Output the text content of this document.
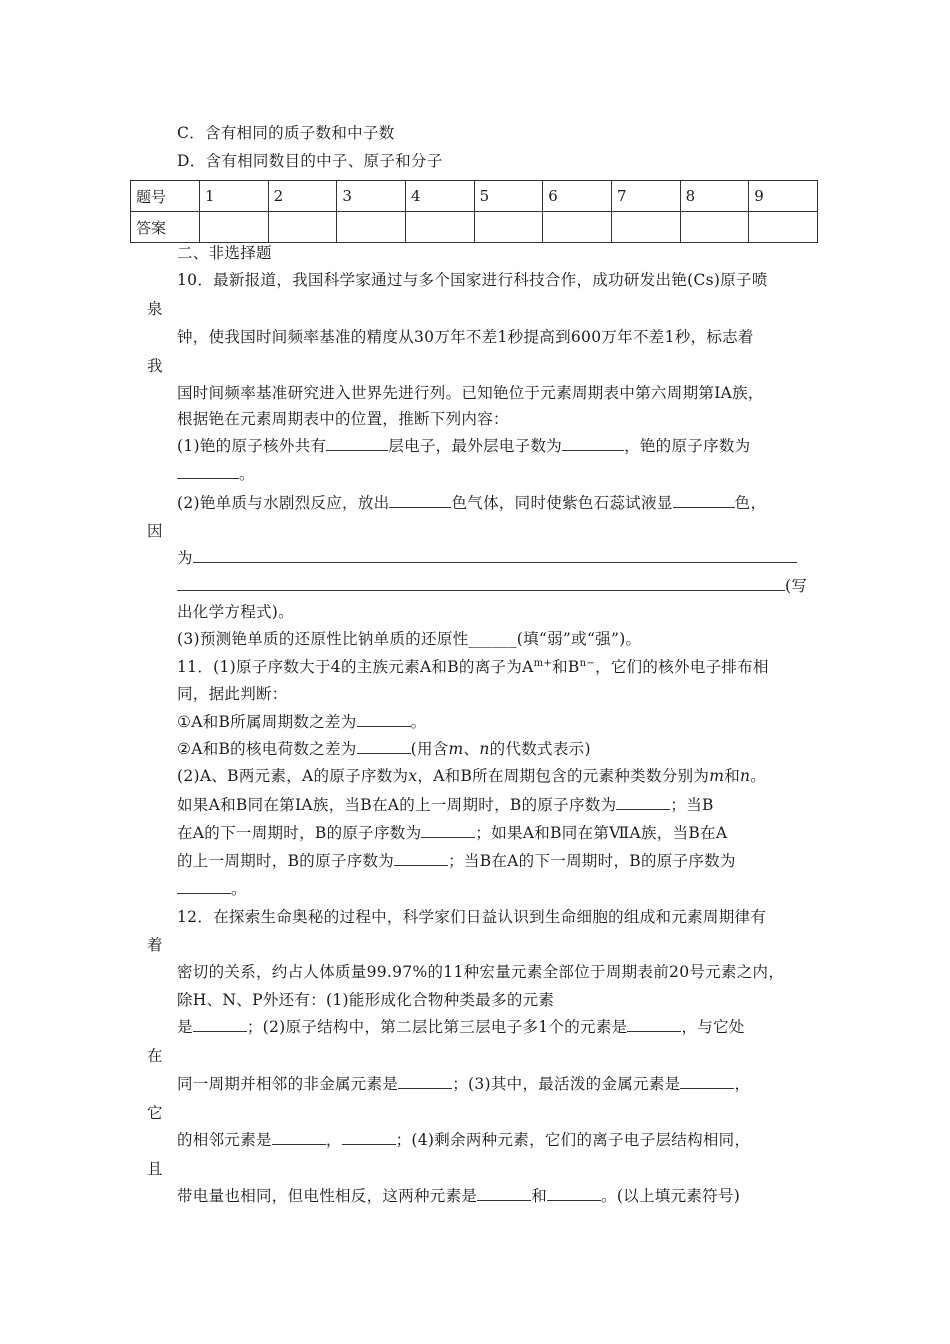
C．含有相同的质子数和中子数
D．含有相同数目的中子、原子和分子
题号	1	2	3	4	5	6	7	8	9
答案									
二、非选择题
10．最新报道，我国科学家通过与多个国家进行科技合作，成功研发出铯(Cs)原子喷
泉
钟，使我国时间频率基准的精度从30万年不差1秒提高到600万年不差1秒，标志着
我
国时间频率基准研究进入世界先进行列。已知铯位于元素周期表中第六周期第ⅠA族，
根据铯在元素周期表中的位置，推断下列内容：
(1)铯的原子核外共有	层电子，最外层电子数为	，铯的原子序数为
。
(2)铯单质与水剧烈反应，放出	色气体，同时使紫色石蕊试液显	色，
因
为
(写
出化学方程式)。
(3)预测铯单质的还原性比钠单质的还原性______(填“弱”或“强”)。
11．(1)原子序数大于4的主族元素A和B的离子为$A^{m+}$和$B^{n-}$，它们的核外电子排布相
同，据此判断：
①A和B所属周期数之差为	。
②A和B的核电荷数之差为	(用含m、n的代数式表示)
(2)A、B两元素，A的原子序数为x，A和B所在周期包含的元素种类数分别为m和n。
如果A和B同在第ⅠA族，当B在A的上一周期时，B的原子序数为	；当B
在A的下一周期时，B的原子序数为	；如果A和B同在第ⅦA族，当B在A
的上一周期时，B的原子序数为	；当B在A的下一周期时，B的原子序数为
。
12．在探索生命奥秘的过程中，科学家们日益认识到生命细胞的组成和元素周期律有
着
密切的关系，约占人体质量99.97%的11种宏量元素全部位于周期表前20号元素之内，
除H、N、P外还有：(1)能形成化合物种类最多的元素
是	；(2)原子结构中，第二层比第三层电子多1个的元素是	，与它处
在
同一周期并相邻的非金属元素是	；(3)其中，最活泼的金属元素是	，
它
的相邻元素是	，	；(4)剩余两种元素，它们的离子电子层结构相同，
且
带电量也相同，但电性相反，这两种元素是	和	。(以上填元素符号)
